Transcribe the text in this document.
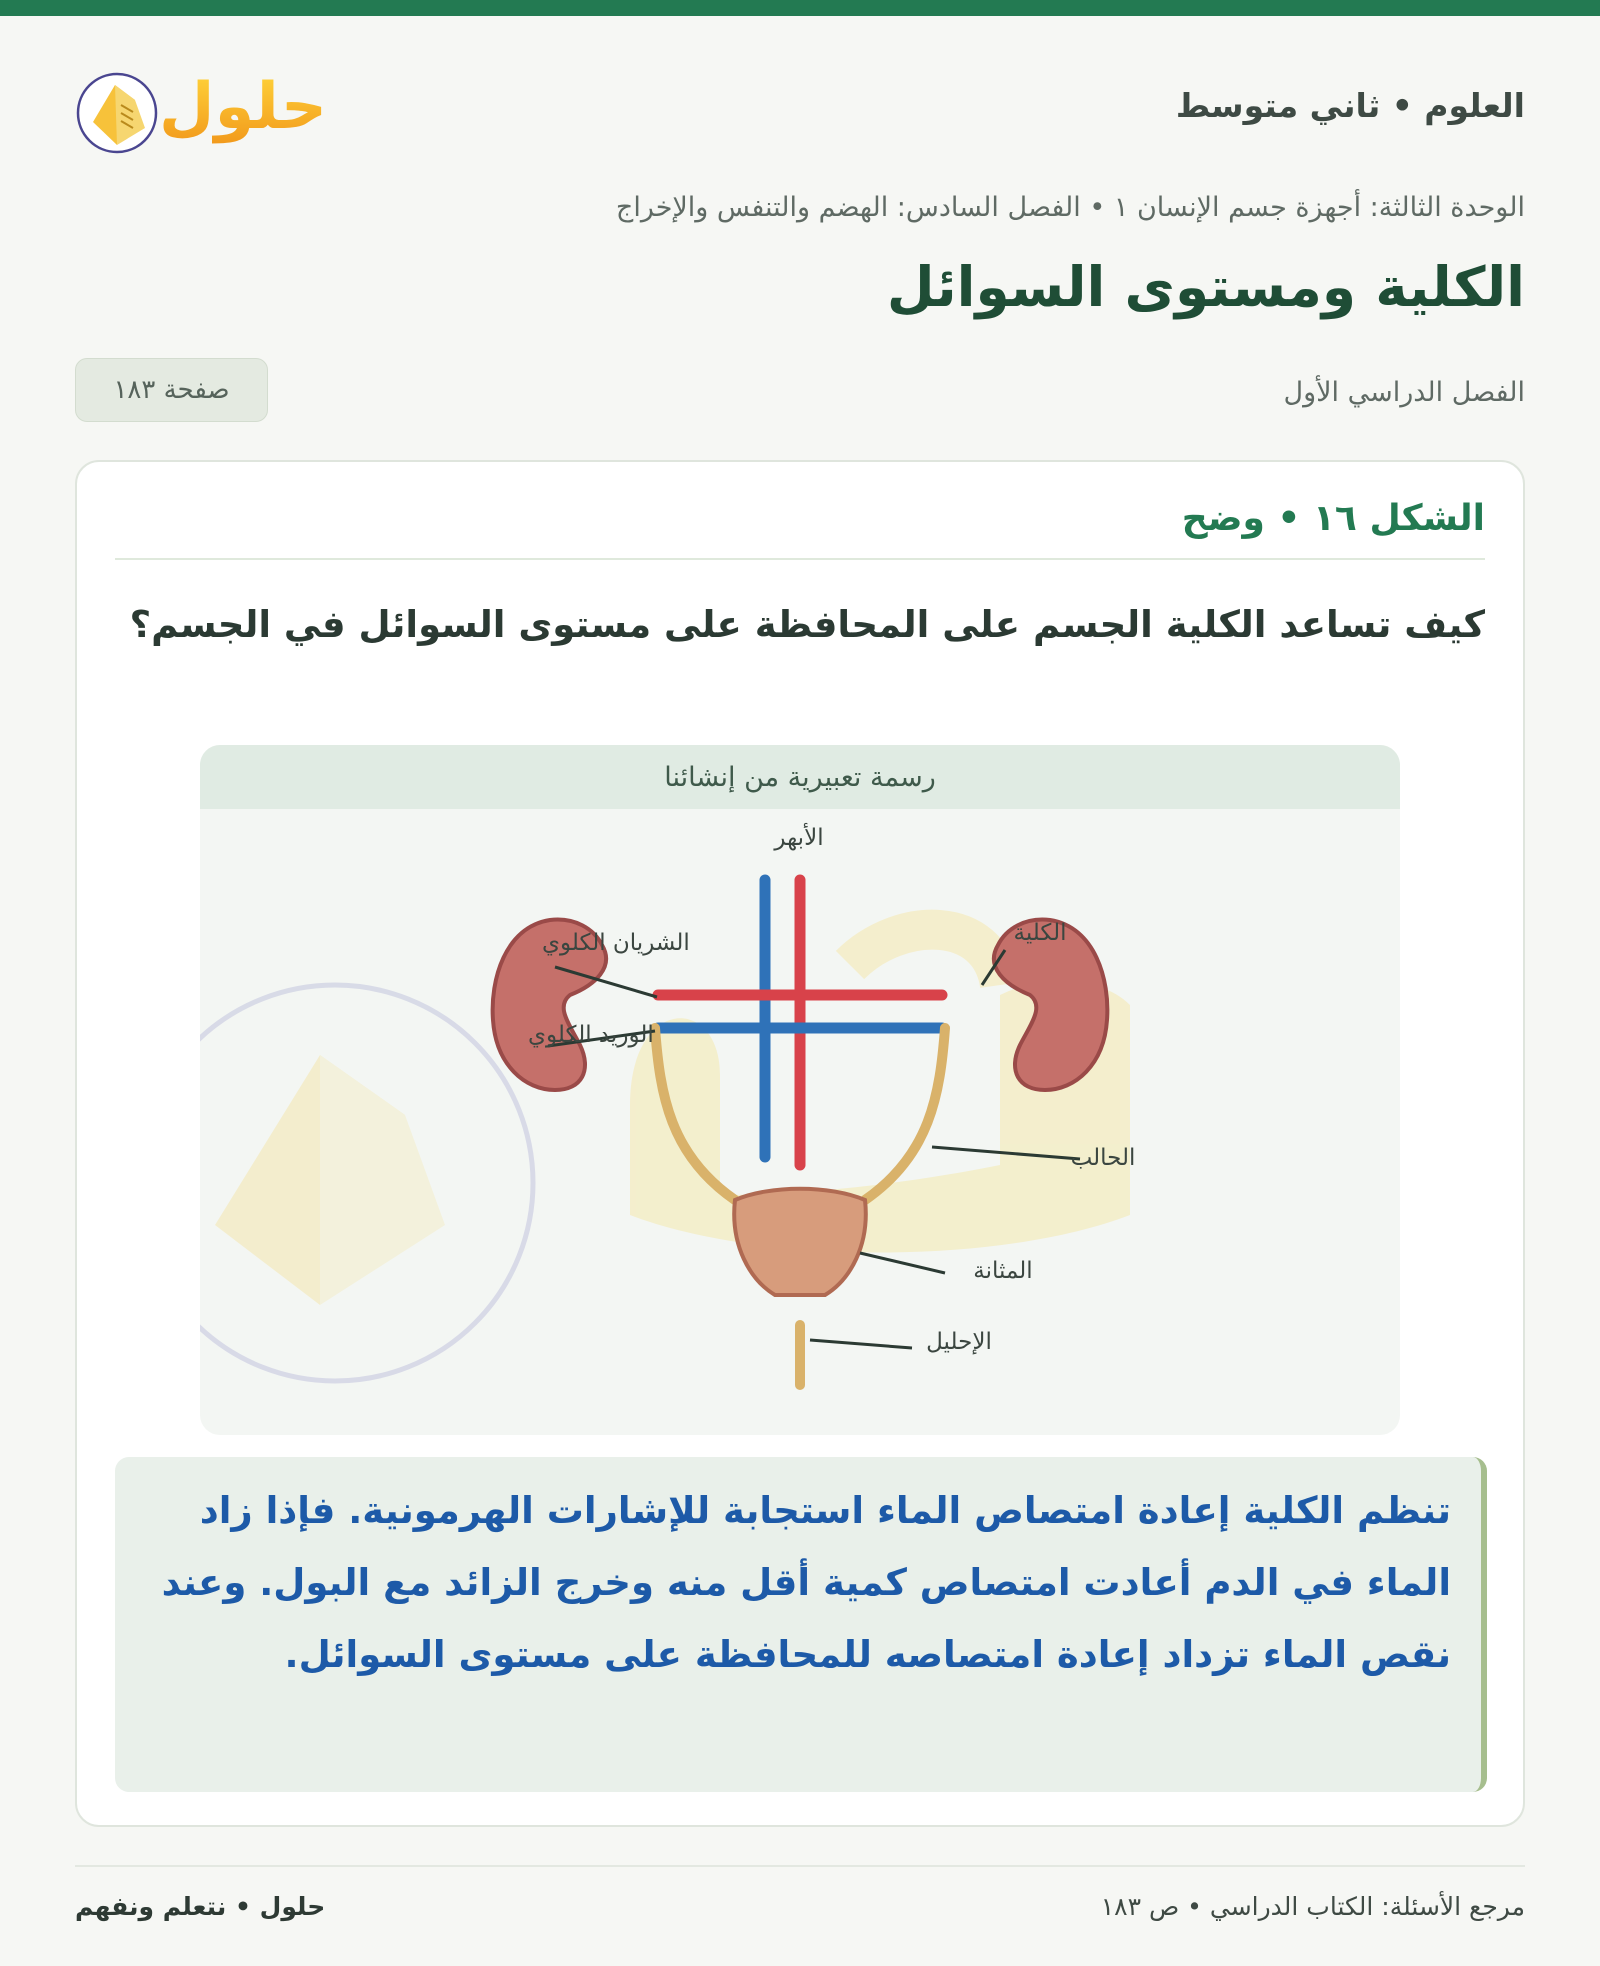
العلوم • ثاني متوسط
حلول
الوحدة الثالثة: أجهزة جسم الإنسان ١ • الفصل السادس: الهضم والتنفس والإخراج
الكلية ومستوى السوائل
الفصل الدراسي الأول
صفحة ١٨٣
الشكل ١٦ • وضح

كيف تساعد الكلية الجسم على المحافظة على مستوى السوائل في الجسم؟

الأبهر
الكلية
الشريان الكلوي
الوريد الكلوي
الحالب
المثانة
الإحليل
رسمة تعبيرية من إنشائنا

تنظم الكلية إعادة امتصاص الماء استجابة للإشارات الهرمونية. فإذا زاد الماء في الدم أعادت امتصاص كمية أقل منه وخرج الزائد مع البول. وعند نقص الماء تزداد إعادة امتصاصه للمحافظة على مستوى السوائل.

مرجع الأسئلة: الكتاب الدراسي • ص ١٨٣
حلول • نتعلم ونفهم
